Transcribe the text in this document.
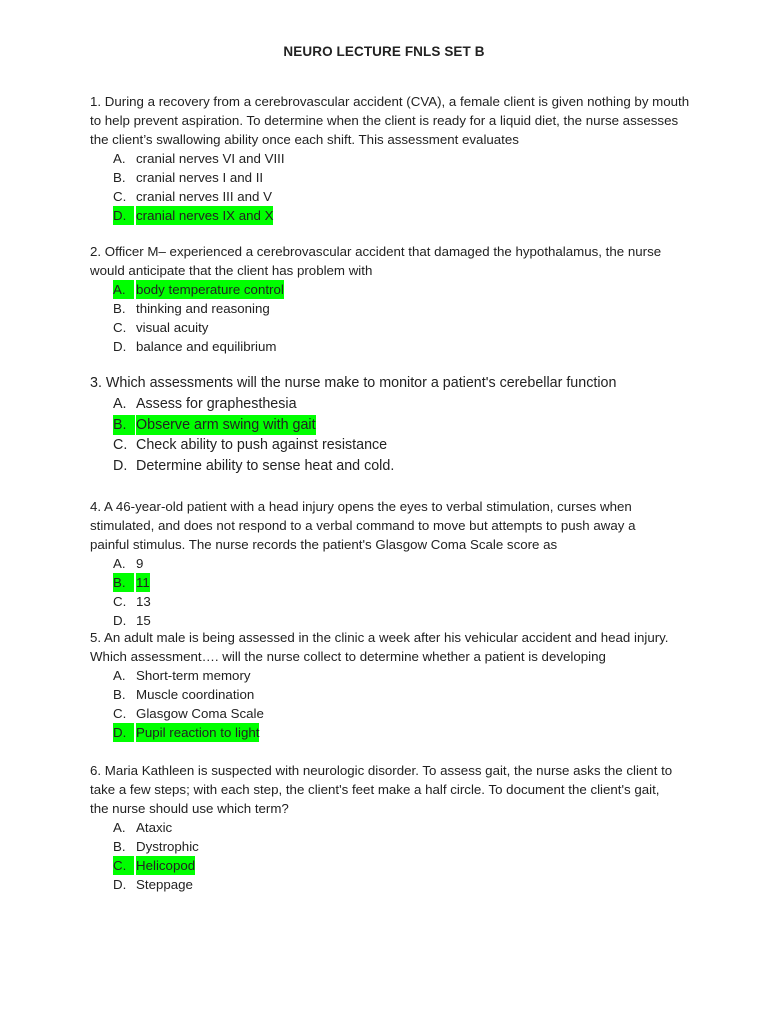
NEURO LECTURE FNLS SET B

1. During a recovery from a cerebrovascular accident (CVA), a female client is given nothing by mouth to help prevent aspiration. To determine when the client is ready for a liquid diet, the nurse assesses the client’s swallowing ability once each shift. This assessment evaluates

A. cranial nerves VI and VIII
B. cranial nerves I and II
C. cranial nerves III and V
D. cranial nerves IX and X

2. Officer M– experienced a cerebrovascular accident that damaged the hypothalamus, the nurse would anticipate that the client has problem with

A. body temperature control
B. thinking and reasoning
C. visual acuity
D. balance and equilibrium

3. Which assessments will the nurse make to monitor a patient's cerebellar function

A. Assess for graphesthesia
B. Observe arm swing with gait
C. Check ability to push against resistance
D. Determine ability to sense heat and cold.

4. A 46-year-old patient with a head injury opens the eyes to verbal stimulation, curses when stimulated, and does not respond to a verbal command to move but attempts to push away a painful stimulus. The nurse records the patient's Glasgow Coma Scale score as

A. 9
B. 11
C. 13
D. 15

5. An adult male is being assessed in the clinic a week after his vehicular accident and head injury. Which assessment…. will the nurse collect to determine whether a patient is developing

A. Short-term memory
B. Muscle coordination
C. Glasgow Coma Scale
D. Pupil reaction to light

6. Maria Kathleen is suspected with neurologic disorder. To assess gait, the nurse asks the client to take a few steps; with each step, the client's feet make a half circle. To document the client's gait, the nurse should use which term?

A. Ataxic
B. Dystrophic
C. Helicopod
D. Steppage
